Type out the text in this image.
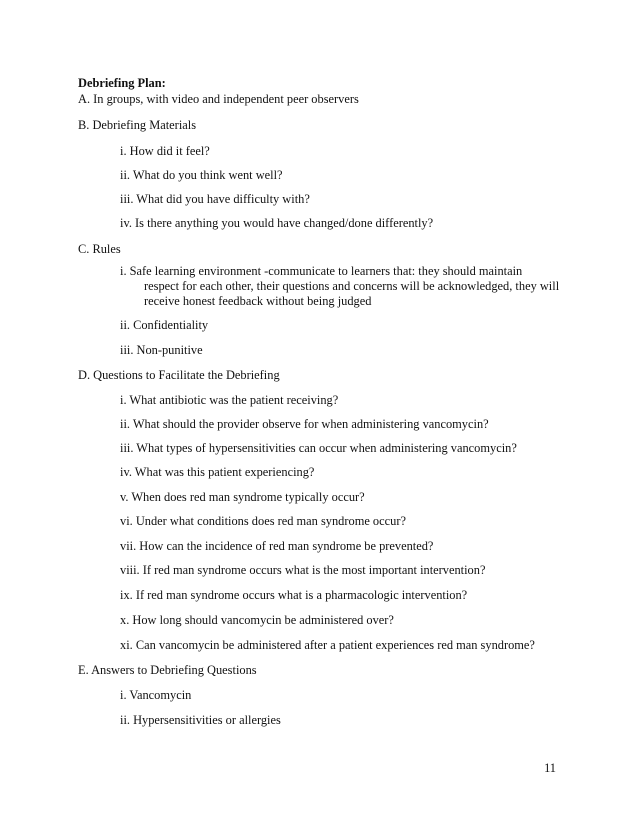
Debriefing Plan:
A. In groups, with video and independent peer observers
B. Debriefing Materials
i. How did it feel?
ii. What do you think went well?
iii. What did you have difficulty with?
iv. Is there anything you would have changed/done differently?
C. Rules
i. Safe learning environment -communicate to learners that: they should maintain
respect for each other, their questions and concerns will be acknowledged, they will
receive honest feedback without being judged
ii. Confidentiality
iii. Non-punitive
D. Questions to Facilitate the Debriefing
i. What antibiotic was the patient receiving?
ii. What should the provider observe for when administering vancomycin?
iii. What types of hypersensitivities can occur when administering vancomycin?
iv. What was this patient experiencing?
v. When does red man syndrome typically occur?
vi. Under what conditions does red man syndrome occur?
vii. How can the incidence of red man syndrome be prevented?
viii. If red man syndrome occurs what is the most important intervention?
ix. If red man syndrome occurs what is a pharmacologic intervention?
x. How long should vancomycin be administered over?
xi. Can vancomycin be administered after a patient experiences red man syndrome?
E. Answers to Debriefing Questions
i. Vancomycin
ii. Hypersensitivities or allergies
11
